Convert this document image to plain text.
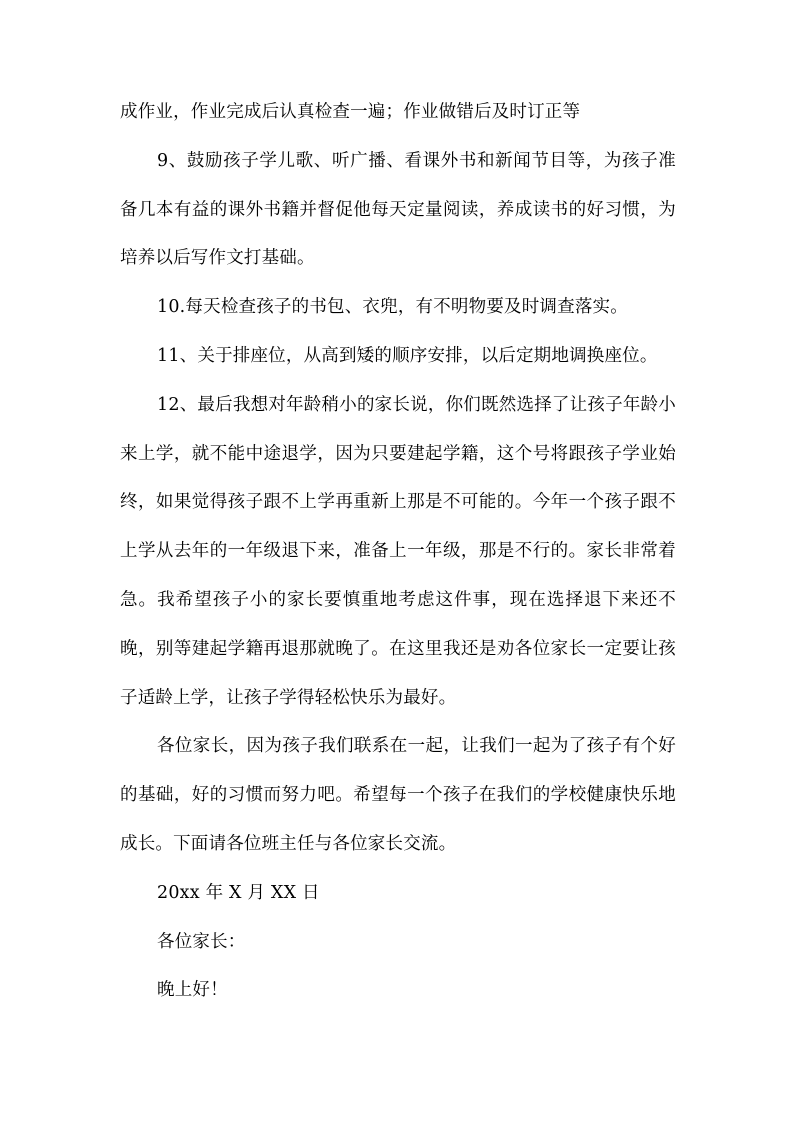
成作业，作业完成后认真检查一遍；作业做错后及时订正等

9、鼓励孩子学儿歌、听广播、看课外书和新闻节目等，为孩子准备几本有益的课外书籍并督促他每天定量阅读，养成读书的好习惯，为培养以后写作文打基础。

10.每天检查孩子的书包、衣兜，有不明物要及时调查落实。

11、关于排座位，从高到矮的顺序安排，以后定期地调换座位。

12、最后我想对年龄稍小的家长说，你们既然选择了让孩子年龄小来上学，就不能中途退学，因为只要建起学籍，这个号将跟孩子学业始终，如果觉得孩子跟不上学再重新上那是不可能的。今年一个孩子跟不上学从去年的一年级退下来，准备上一年级，那是不行的。家长非常着急。我希望孩子小的家长要慎重地考虑这件事，现在选择退下来还不晚，别等建起学籍再退那就晚了。在这里我还是劝各位家长一定要让孩子适龄上学，让孩子学得轻松快乐为最好。

各位家长，因为孩子我们联系在一起，让我们一起为了孩子有个好的基础，好的习惯而努力吧。希望每一个孩子在我们的学校健康快乐地成长。下面请各位班主任与各位家长交流。

20xx 年 X 月 XX 日

各位家长：

晚上好！
